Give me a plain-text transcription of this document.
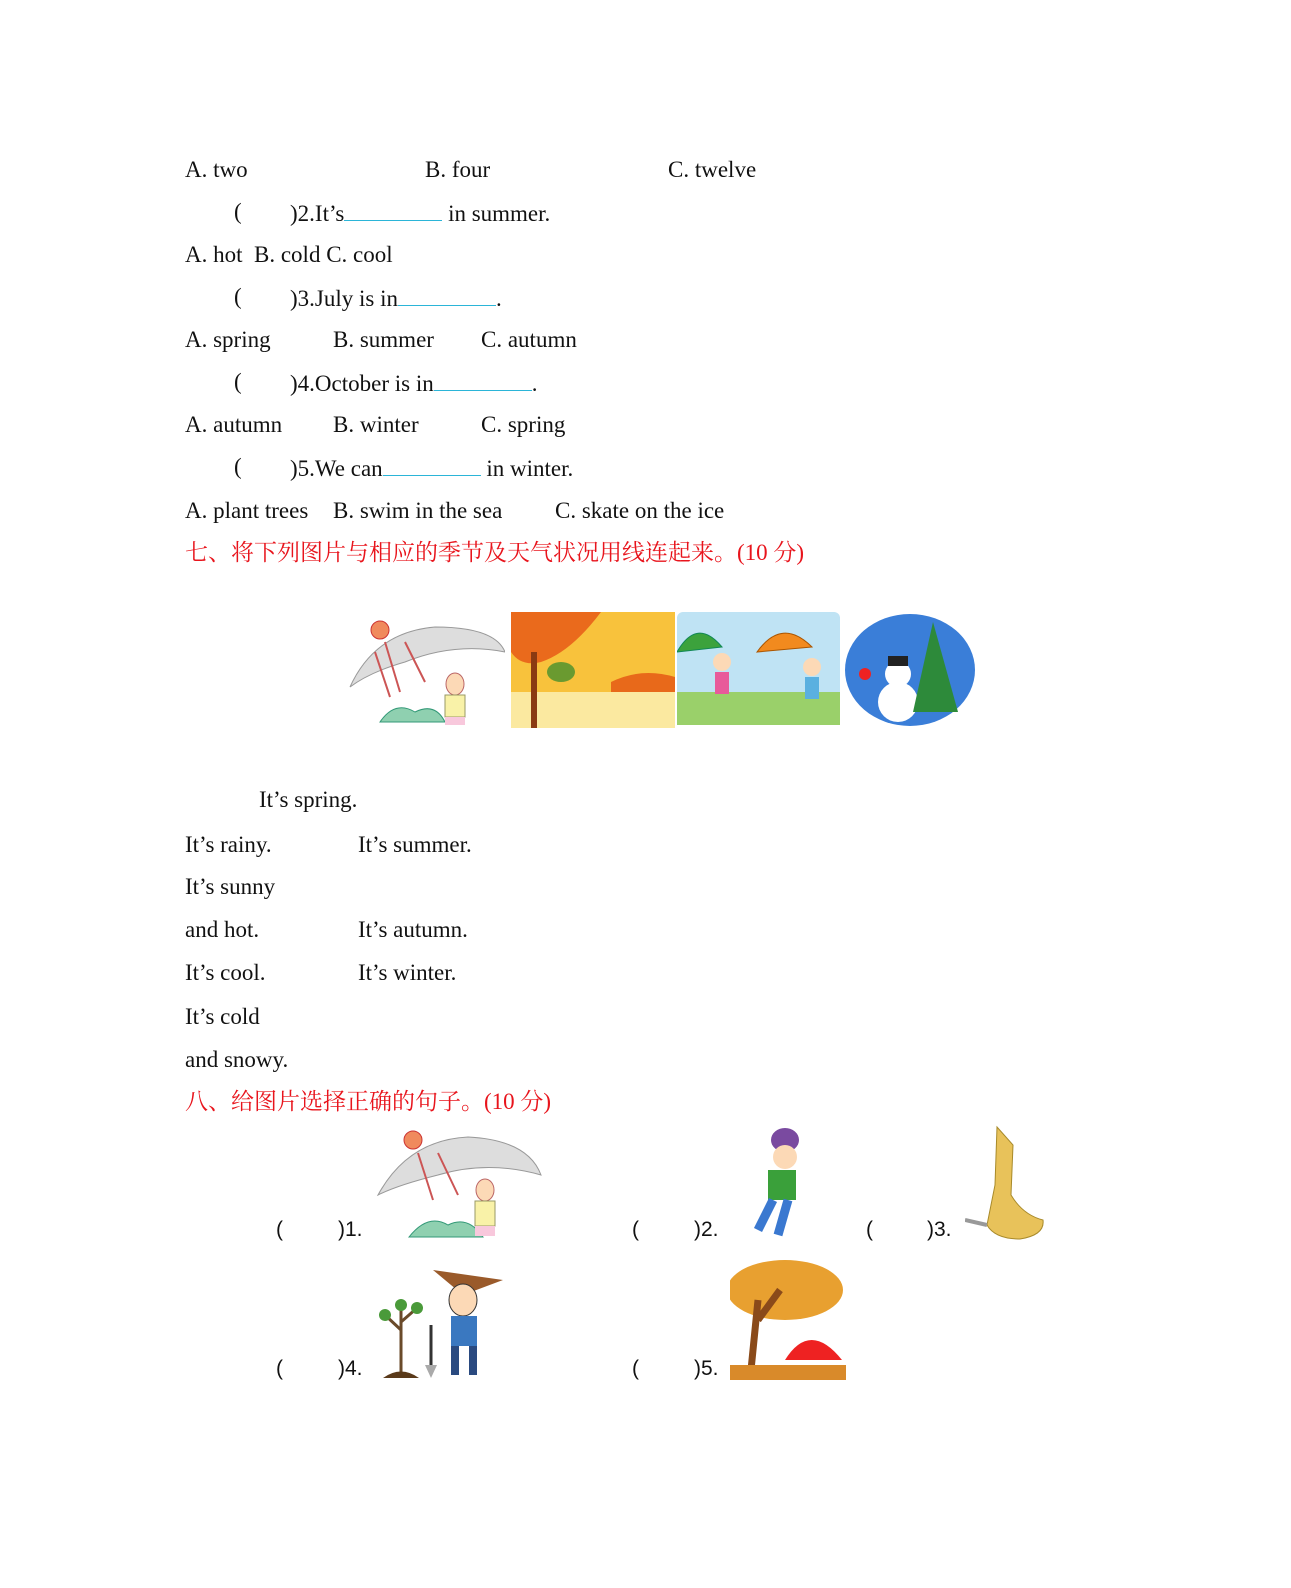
A. two	B. four	C. twelve
( )2.It’s	in summer.
A. hot  B. cold C. cool
( )3.July is in	.
A. spring	B. summer C. autumn
( )4.October is in	.
A. autumn B. winter	C. spring
( )5.We can	in winter.
A. plant trees B. swim in the sea C. skate on the ice
七、将下列图片与相应的季节及天气状况用线连起来。(10 分)
It’s spring.
It’s rainy.	It’s summer.
It’s sunny
and hot.	It’s autumn.
It’s cool.	It’s winter.
It’s cold
and snowy.
八、给图片选择正确的句子。(10 分)
(	)1.	(	)2.	(	)3.
(	)4.	(	)5.
